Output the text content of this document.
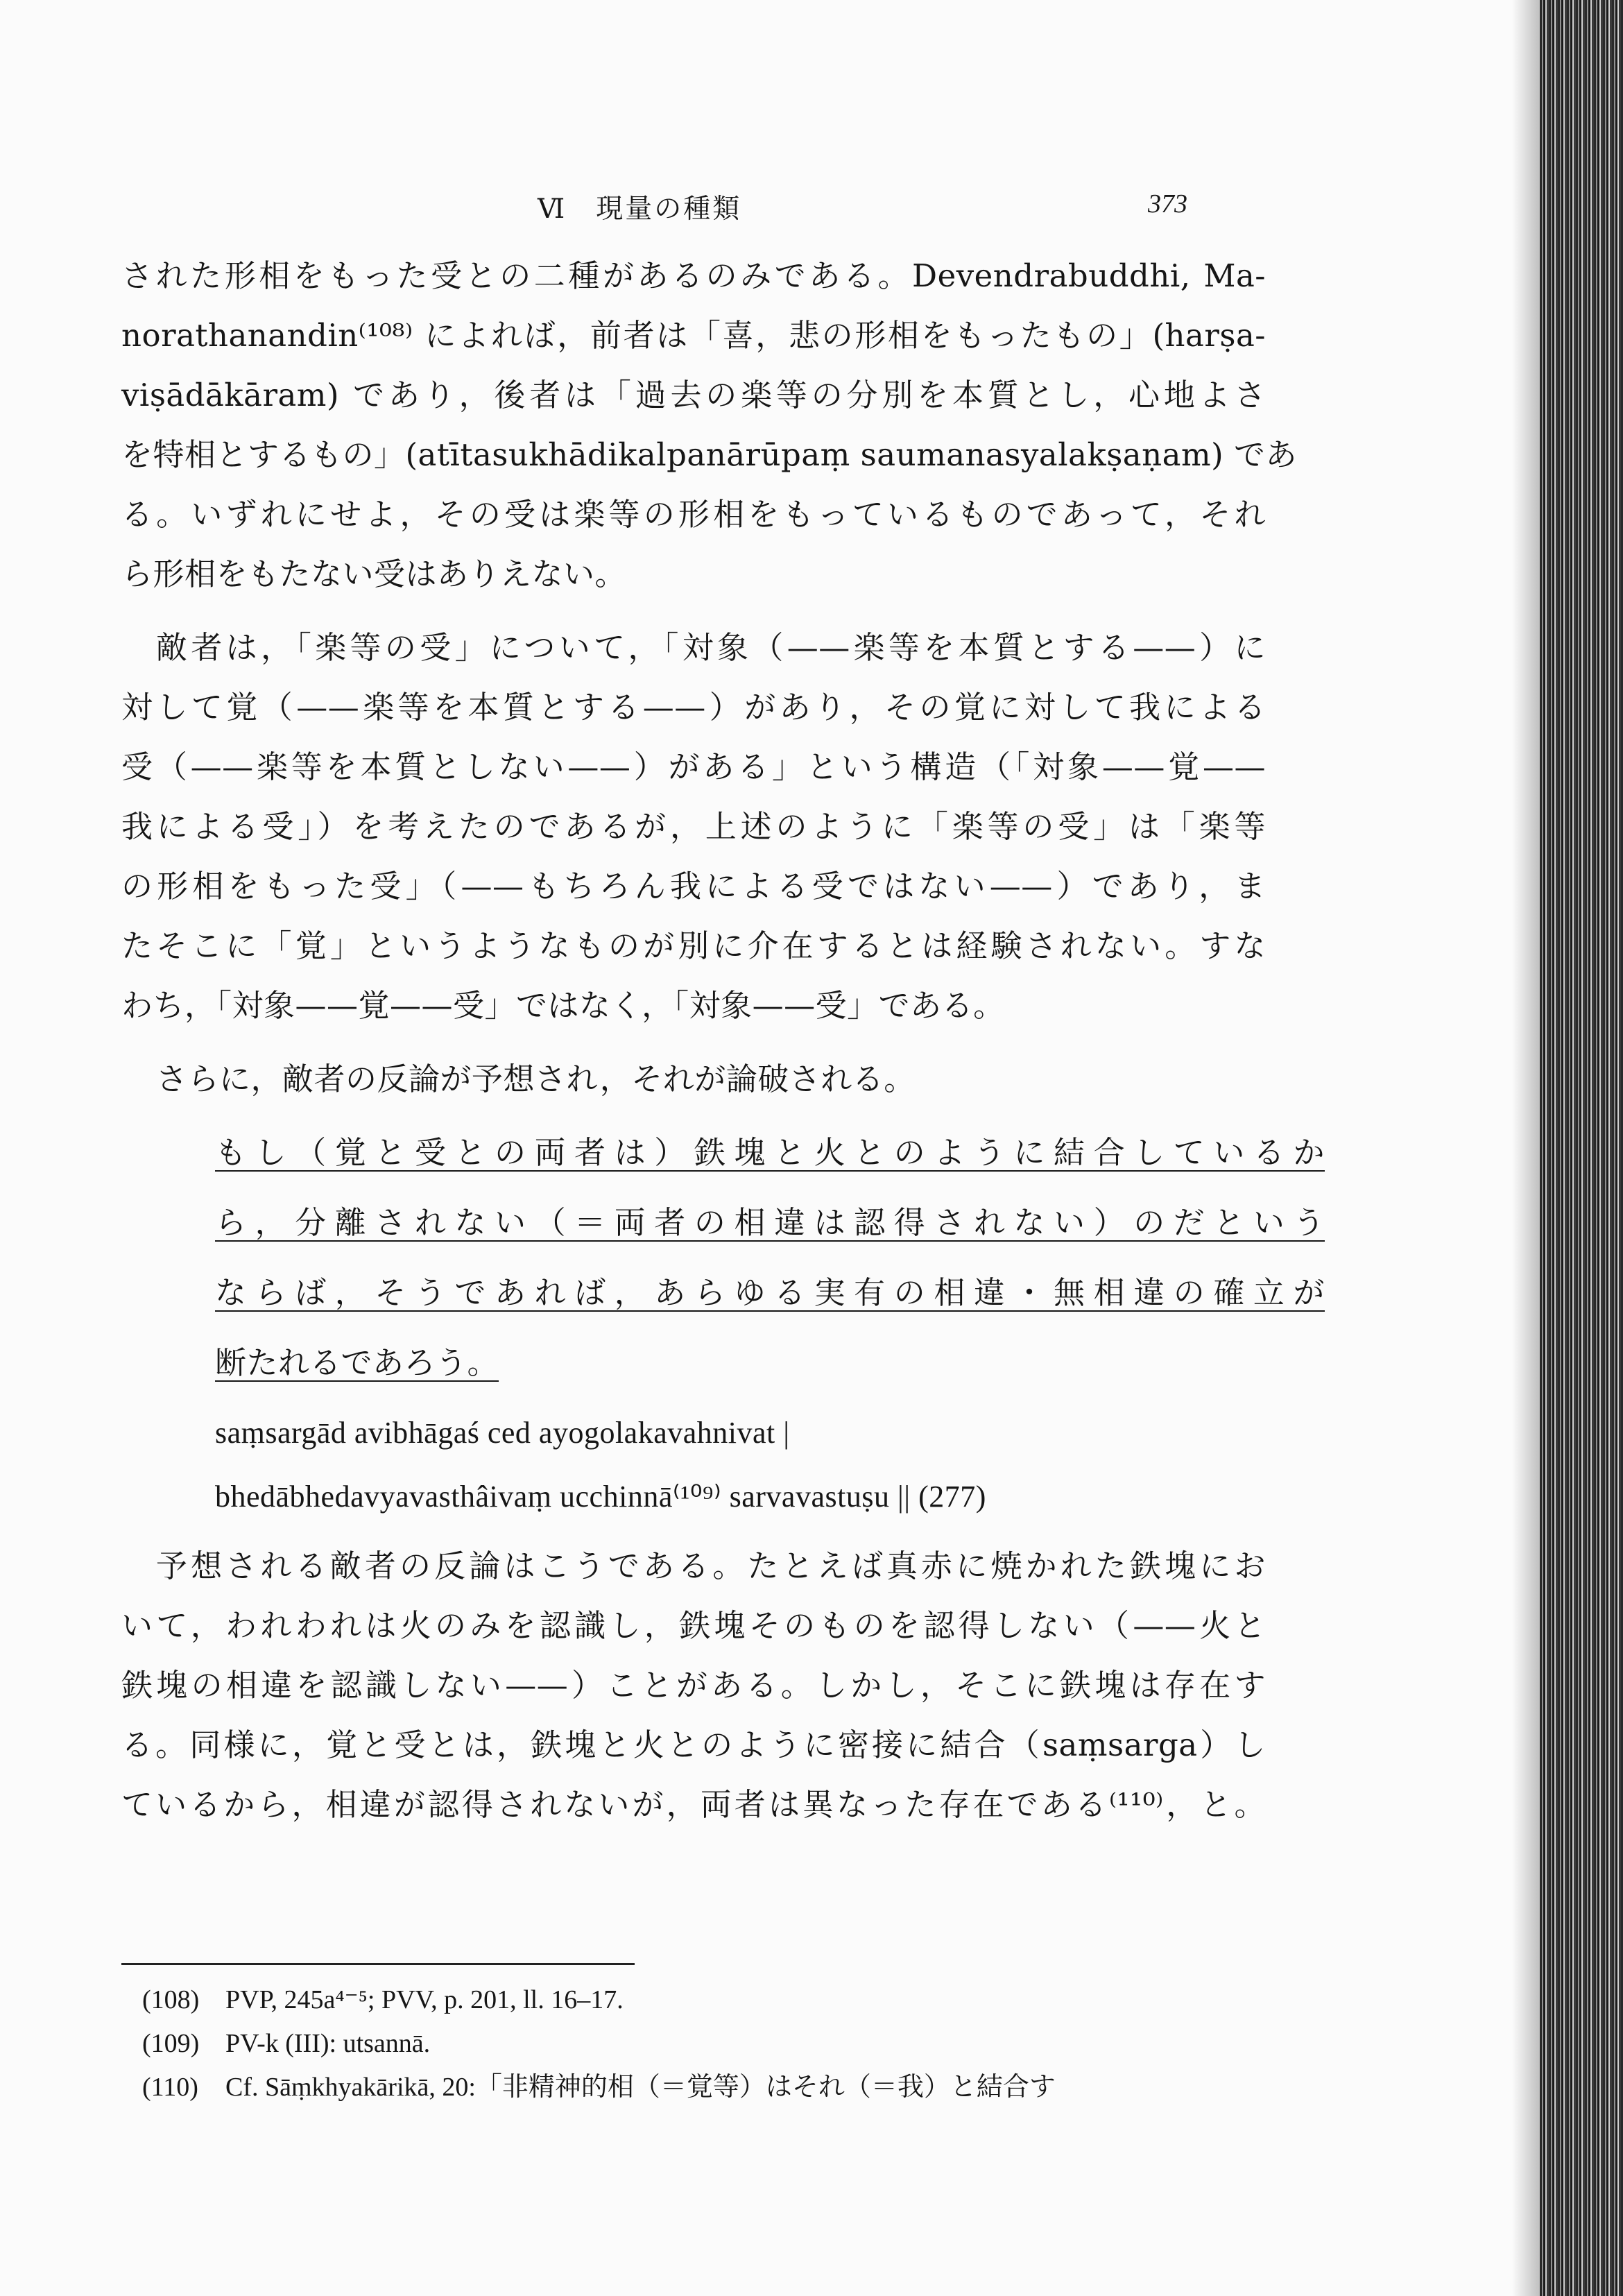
Ⅵ　現量の種類	373
された形相をもった受との二種があるのみである。Devendrabuddhi, Ma-
norathanandin⁽¹⁰⁸⁾ によれば，前者は「喜，悲の形相をもったもの」(harṣa-
viṣādākāram) であり，後者は「過去の楽等の分別を本質とし，心地よさ
を特相とするもの」(atītasukhādikalpanārūpaṃ saumanasyalakṣaṇam) であ
る。いずれにせよ，その受は楽等の形相をもっているものであって，それ
ら形相をもたない受はありえない。
敵者は，「楽等の受」について，「対象（——楽等を本質とする——）に
対して覚（——楽等を本質とする——）があり，その覚に対して我による
受（——楽等を本質としない——）がある」という構造（「対象——覚——
我による受」）を考えたのであるが，上述のように「楽等の受」は「楽等
の形相をもった受」（——もちろん我による受ではない——）であり，ま
たそこに「覚」というようなものが別に介在するとは経験されない。すな
わち，「対象——覚——受」ではなく，「対象——受」である。
さらに，敵者の反論が予想され，それが論破される。
もし（覚と受との両者は）鉄塊と火とのように結合しているか
ら，分離されない（＝両者の相違は認得されない）のだという
ならば，そうであれば，あらゆる実有の相違・無相違の確立が
断たれるであろう。
saṃsargād avibhāgaś ced ayogolakavahnivat |
bhedābhedavyavasthâivaṃ ucchinnā⁽¹⁰⁹⁾ sarvavastuṣu || (277)
予想される敵者の反論はこうである。たとえば真赤に焼かれた鉄塊にお
いて，われわれは火のみを認識し，鉄塊そのものを認得しない（——火と
鉄塊の相違を認識しない——）ことがある。しかし，そこに鉄塊は存在す
る。同様に，覚と受とは，鉄塊と火とのように密接に結合（saṃsarga）し
ているから，相違が認得されないが，両者は異なった存在である⁽¹¹⁰⁾，と。
(108) PVP, 245a⁴⁻⁵; PVV, p. 201, ll. 16–17.
(109) PV-k (III): utsannā.
(110) Cf. Sāṃkhyakārikā, 20:「非精神的相（＝覚等）はそれ（＝我）と結合す
